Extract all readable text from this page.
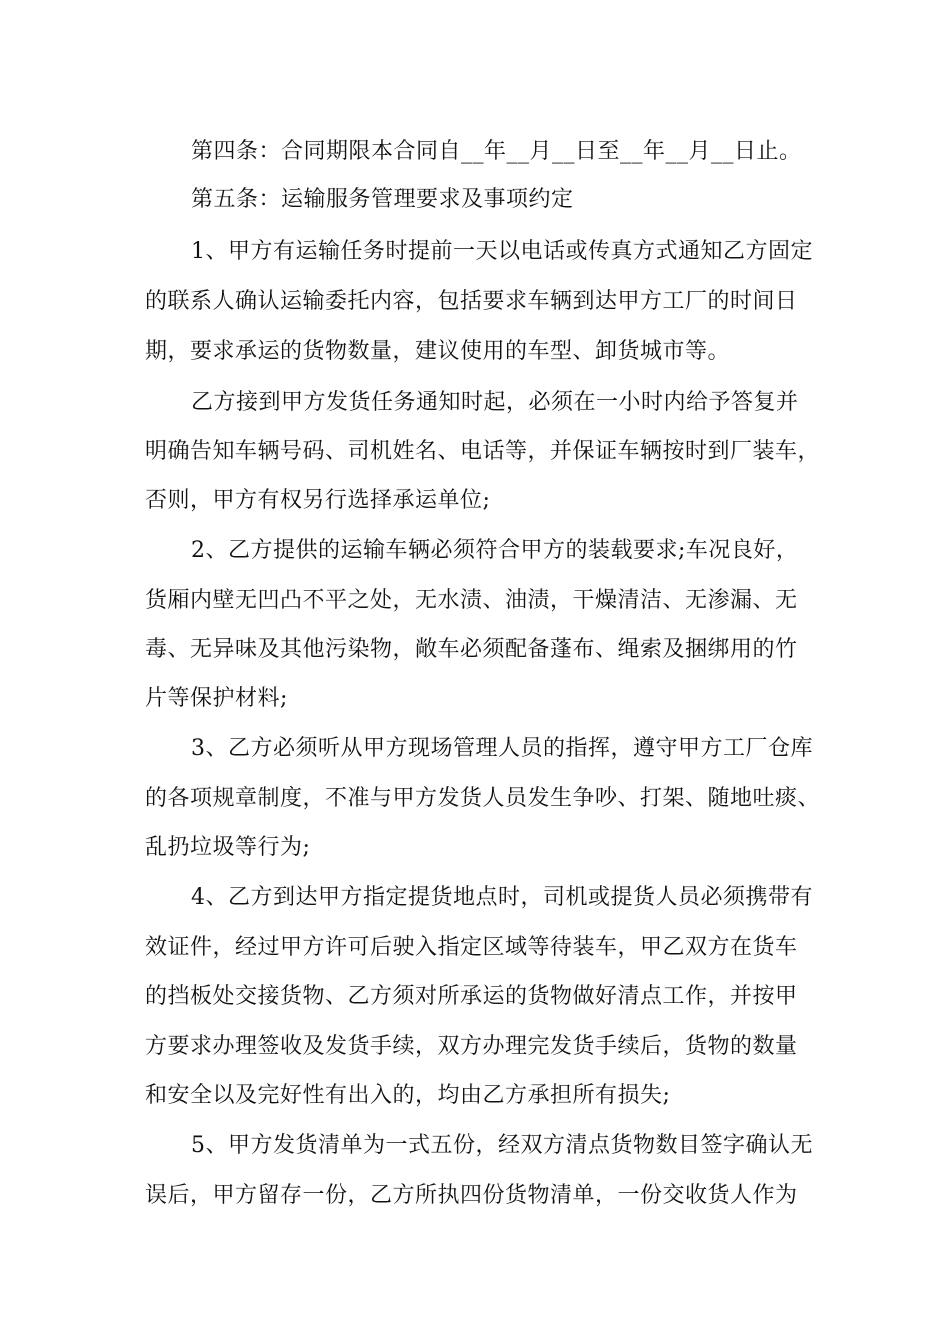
第四条：合同期限本合同自__年__月__日至__年__月__日止。
第五条：运输服务管理要求及事项约定
1、甲方有运输任务时提前一天以电话或传真方式通知乙方固定
的联系人确认运输委托内容，包括要求车辆到达甲方工厂的时间日
期，要求承运的货物数量，建议使用的车型、卸货城市等。
乙方接到甲方发货任务通知时起，必须在一小时内给予答复并
明确告知车辆号码、司机姓名、电话等，并保证车辆按时到厂装车，
否则，甲方有权另行选择承运单位;
2、乙方提供的运输车辆必须符合甲方的装载要求;车况良好，
货厢内壁无凹凸不平之处，无水渍、油渍，干燥清洁、无渗漏、无
毒、无异味及其他污染物，敞车必须配备蓬布、绳索及捆绑用的竹
片等保护材料;
3、乙方必须听从甲方现场管理人员的指挥，遵守甲方工厂仓库
的各项规章制度，不准与甲方发货人员发生争吵、打架、随地吐痰、
乱扔垃圾等行为;
4、乙方到达甲方指定提货地点时，司机或提货人员必须携带有
效证件，经过甲方许可后驶入指定区域等待装车，甲乙双方在货车
的挡板处交接货物、乙方须对所承运的货物做好清点工作，并按甲
方要求办理签收及发货手续，双方办理完发货手续后，货物的数量
和安全以及完好性有出入的，均由乙方承担所有损失;
5、甲方发货清单为一式五份，经双方清点货物数目签字确认无
误后，甲方留存一份，乙方所执四份货物清单，一份交收货人作为
